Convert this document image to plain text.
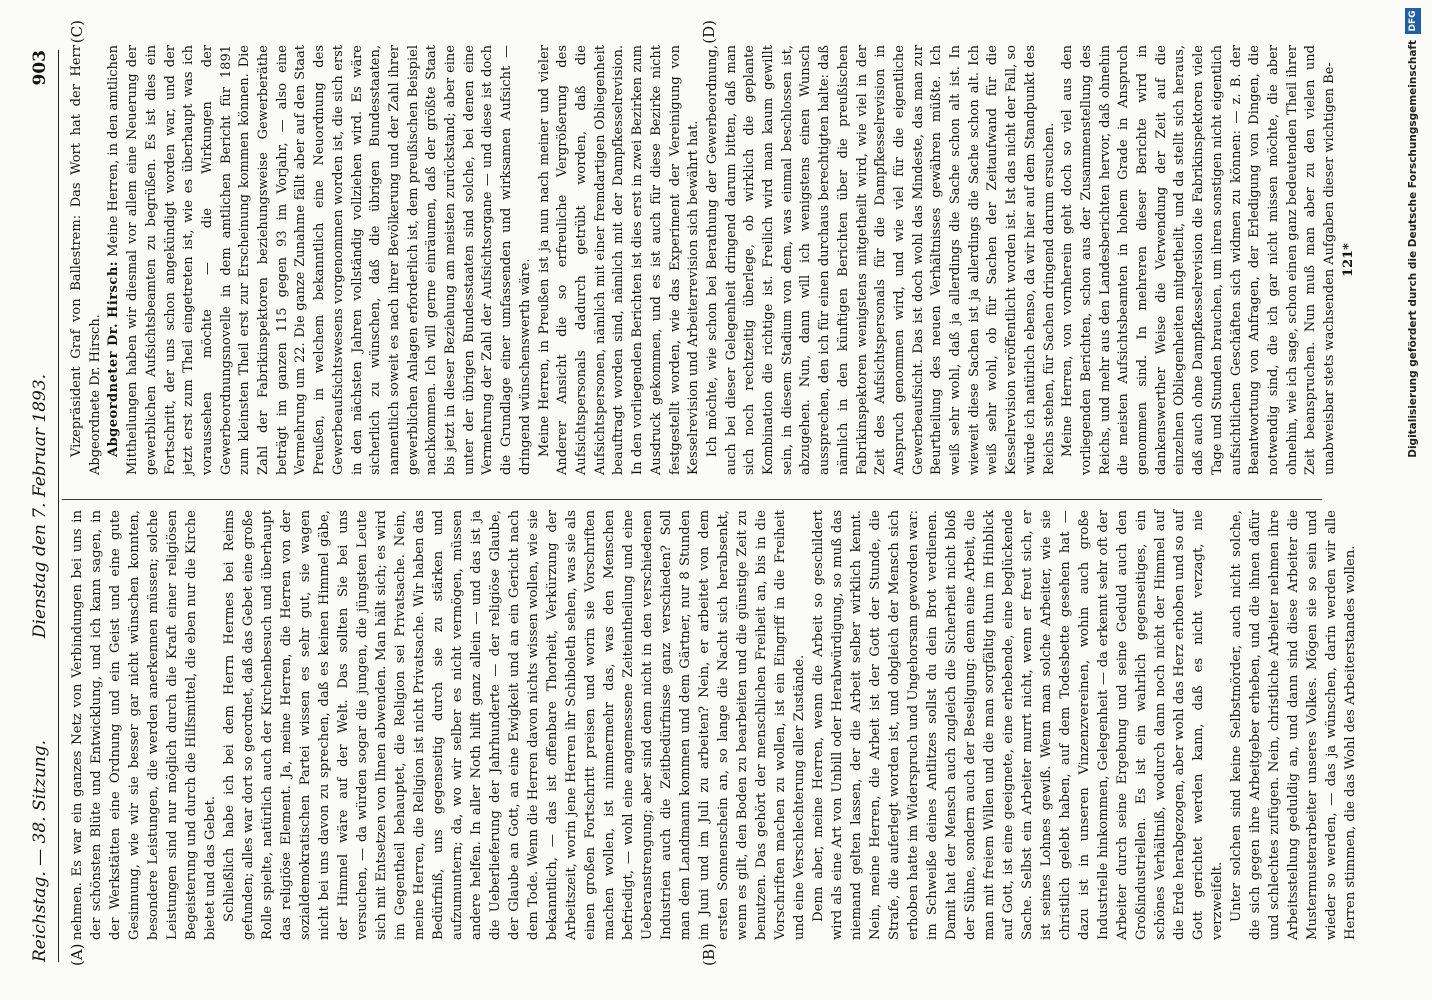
Reichstag. — 38. Sitzung.
Dienstag den 7. Februar 1893.
903
(A)	(B)
(C)	(D)

nehmen. Es war ein ganzes Netz von Verbindungen bei uns in der schönsten Blüte und Entwicklung, und ich kann sagen, in der Werkstätten eine Ordnung und ein Geist und eine gute Gesinnung, wie wir sie besser gar nicht wünschen konnten, besondere Leistungen, die werden anerkennen müssen; solche Leistungen sind nur möglich durch die Kraft einer religiösen Begeisterung und durch die Hilfsmittel, die eben nur die Kirche bietet und das Gebet. Schließlich habe ich bei dem Herrn Hermes bei Reims gefunden; alles war dort so geordnet, daß das Gebet eine große Rolle spielte, natürlich auch der Kirchenbesuch und überhaupt das religiöse Element. Ja, meine Herren, die Herren von der sozialdemokratischen Partei wissen es sehr gut, sie wagen nicht bei uns davon zu sprechen, daß es keinen Himmel gäbe, der Himmel wäre auf der Welt. Das sollten Sie bei uns versuchen, — da würden sogar die jungen, die jüngsten Leute sich mit Entsetzen von Ihnen abwenden. Man hält sich; es wird im Gegentheil behauptet, die Religion sei Privatsache. Nein, meine Herren, die Religion ist nicht Privatsache. Wir haben das Bedürfniß, uns gegenseitig durch sie zu stärken und aufzumuntern; da, wo wir selber es nicht vermögen, müssen andere helfen. In aller Noth hilft ganz allein — und das ist ja die Ueberlieferung der Jahrhunderte — der religiöse Glaube, der Glaube an Gott, an eine Ewigkeit und an ein Gericht nach dem Tode. Wenn die Herren davon nichts wissen wollen, wie sie bekanntlich, — das ist offenbare Thorheit, Verkürzung der Arbeitszeit, worin jene Herren ihr Schiboleth sehen, was sie als einen großen Fortschritt preisen und worin sie Vorschriften machen wollen, ist nimmermehr das, was den Menschen befriedigt, — wohl eine angemessene Zeiteintheilung und eine Ueberanstrengung; aber sind denn nicht in den verschiedenen Industrien auch die Zeitbedürfnisse ganz verschieden? Soll man dem Landmann kommen und dem Gärtner, nur 8 Stunden im Juni und im Juli zu arbeiten? Nein, er arbeitet von dem ersten Sonnenschein an, so lange die Nacht sich herabsenkt, wenn es gilt, den Boden zu bearbeiten und die günstige Zeit zu benutzen. Das gehört der menschlichen Freiheit an, bis in die Vorschriften machen zu wollen, ist ein Eingriff in die Freiheit und eine Verschlechterung aller Zustände. Denn aber, meine Herren, wenn die Arbeit so geschildert wird als eine Art von Unbill oder Herabwürdigung, so muß das niemand gelten lassen, der die Arbeit selber wirklich kennt. Nein, meine Herren, die Arbeit ist der Gott der Stunde, die Strafe, die auferlegt worden ist, und obgleich der Mensch sich erhoben hatte im Widerspruch und Ungehorsam geworden war: im Schweiße deines Antlitzes sollst du dein Brot verdienen. Damit hat der Mensch auch zugleich die Sicherheit nicht bloß der Sühne, sondern auch der Beseligung: denn eine Arbeit, die man mit freiem Willen und die man sorgfältig thun im Hinblick auf Gott, ist eine geeignete, eine erhebende, eine beglückende Sache. Selbst ein Arbeiter murrt nicht, wenn er freut sich, er ist seines Lohnes gewiß. Wenn man solche Arbeiter, wie sie christlich gelebt haben, auf dem Todesbette gesehen hat — dazu ist in unseren Vinzenzvereinen, wohin auch große Industrielle hinkommen, Gelegenheit — da erkennt sehr oft der Arbeiter durch seine Ergebung und seine Geduld auch den Großindustriellen. Es ist ein wahrlich gegenseitiges, ein schönes Verhältniß, wodurch dann noch nicht der Himmel auf die Erde herabgezogen, aber wohl das Herz erhoben und so auf Gott gerichtet werden kann, daß es nicht verzagt, nie verzweifelt. Unter solchen sind keine Selbstmörder, auch nicht solche, die sich gegen ihre Arbeitgeber erheben, und die ihnen dafür und schlechtes zufügen. Nein, christliche Arbeiter nehmen ihre Arbeitsstellung geduldig an, und dann sind diese Arbeiter die Mustermusterarbeiter unseres Volkes. Mögen sie so sein und wieder so werden, — das ja wünschen, darin werden wir alle Herren stimmen, die das Wohl des Arbeiterstandes wollen.

Vizepräsident Graf von Ballestrem: Das Wort hat der Herr Abgeordnete Dr. Hirsch. Abgeordneter Dr. Hirsch: Meine Herren, in den amtlichen Mittheilungen haben wir diesmal vor allem eine Neuerung der gewerblichen Aufsichtsbeamten zu begrüßen. Es ist dies ein Fortschritt, der uns schon angekündigt worden war, und der jetzt erst zum Theil eingetreten ist, wie es überhaupt was ich voraussehen möchte — die Wirkungen der Gewerbeordnungsnovelle in dem amtlichen Bericht für 1891 zum kleinsten Theil erst zur Erscheinung kommen können. Die Zahl der Fabrikinspektoren beziehungsweise Gewerberäthe beträgt im ganzen 115 gegen 93 im Vorjahr, — also eine Vermehrung um 22. Die ganze Zunahme fällt aber auf den Staat Preußen, in welchem bekanntlich eine Neuordnung des Gewerbeaufsichtswesens vorgenommen worden ist, die sich erst in den nächsten Jahren vollständig vollziehen wird. Es wäre sicherlich zu wünschen, daß die übrigen Bundesstaaten, namentlich soweit es nach ihrer Bevölkerung und der Zahl ihrer gewerblichen Anlagen erforderlich ist, dem preußischen Beispiel nachkommen. Ich will gerne einräumen, daß der größte Staat bis jetzt in dieser Beziehung am meisten zurückstand; aber eine unter der übrigen Bundesstaaten sind solche, bei denen eine Vermehrung der Zahl der Aufsichtsorgane — und diese ist doch die Grundlage einer umfassenden und wirksamen Aufsicht — dringend wünschenswerth wäre. Meine Herren, in Preußen ist ja nun nach meiner und vieler Anderer Ansicht die so erfreuliche Vergrößerung des Aufsichtspersonals dadurch getrübt worden, daß die Aufsichtspersonen, nämlich mit einer fremdartigen Obliegenheit beauftragt worden sind, nämlich mit der Dampfkesselrevision. In den vorliegenden Berichten ist dies erst in zwei Bezirken zum Ausdruck gekommen, und es ist auch für diese Bezirke nicht festgestellt worden, wie das Experiment der Vereinigung von Kesselrevision und Arbeiterrevision sich bewährt hat. Ich möchte, wie schon bei Berathung der Gewerbeordnung, auch bei dieser Gelegenheit dringend darum bitten, daß man sich noch rechtzeitig überlege, ob wirklich die geplante Kombination die richtige ist. Freilich wird man kaum gewillt sein, in diesem Stadium von dem, was einmal beschlossen ist, abzugehen. Nun, dann will ich wenigstens einen Wunsch aussprechen, den ich für einen durchaus berechtigten halte: daß nämlich in den künftigen Berichten über die preußischen Fabrikinspektoren wenigstens mitgetheilt wird, wie viel in der Zeit des Aufsichtspersonals für die Dampfkesselrevision in Anspruch genommen wird, und wie viel für die eigentliche Gewerbeaufsicht. Das ist doch wohl das Mindeste, das man zur Beurtheilung des neuen Verhältnisses gewähren müßte. Ich weiß sehr wohl, daß ja allerdings die Sache schon alt ist. In wieweit diese Sachen ist ja allerdings die Sache schon alt. Ich weiß sehr wohl, ob für Sachen der Zeitaufwand für die Kesselrevision veröffentlicht worden ist. Ist das nicht der Fall, so würde ich natürlich ebenso, da wir hier auf dem Standpunkt des Reichs stehen, für Sachen dringend darum ersuchen. Meine Herren, von vornherein geht doch so viel aus den vorliegenden Berichten, schon aus der Zusammenstellung des Reichs, und mehr aus den Landesberichten hervor, daß ohnehin die meisten Aufsichtsbeamten in hohem Grade in Anspruch genommen sind. In mehreren dieser Berichte wird in dankenswerther Weise die Verwendung der Zeit auf die einzelnen Obliegenheiten mitgetheilt, und da stellt sich heraus, daß auch ohne Dampfkesselrevision die Fabrikinspektoren viele Tage und Stunden brauchen, um ihren sonstigen nicht eigentlich aufsichtlichen Geschäften sich widmen zu können: — z. B. der Beantwortung von Anfragen, der Erledigung von Dingen, die notwendig sind, die ich gar nicht missen möchte, die aber ohnehin, wie ich sage, schon einen ganz bedeutenden Theil ihrer Zeit beanspruchen. Nun muß man aber zu den vielen und unabweisbar stets wachsenden Aufgaben dieser wichtigen Be- 121*	Digitalisierung gefördert durch die Deutsche Forschungsgemeinschaft
DFG
